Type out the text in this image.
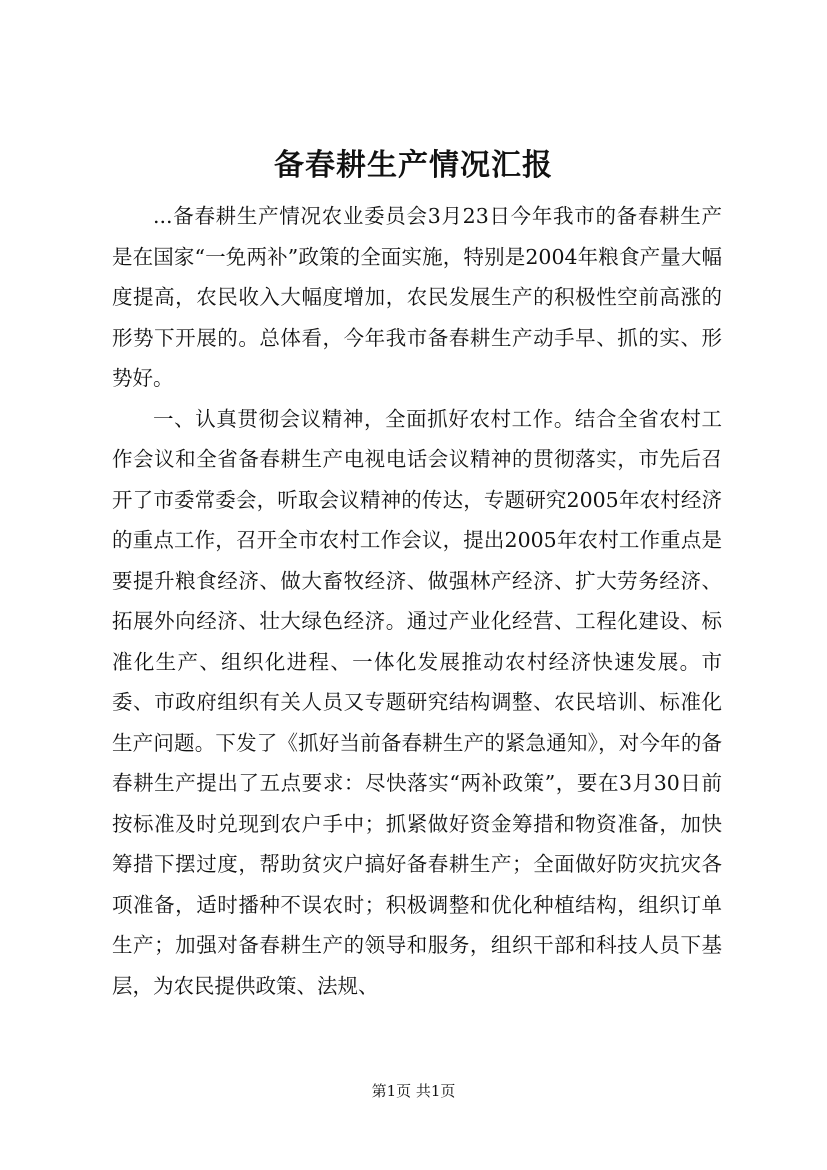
备春耕生产情况汇报

...备春耕生产情况农业委员会3月23日今年我市的备春耕生产是在国家“一免两补”政策的全面实施，特别是2004年粮食产量大幅度提高，农民收入大幅度增加，农民发展生产的积极性空前高涨的形势下开展的。总体看，今年我市备春耕生产动手早、抓的实、形势好。

一、认真贯彻会议精神，全面抓好农村工作。结合全省农村工作会议和全省备春耕生产电视电话会议精神的贯彻落实，市先后召开了市委常委会，听取会议精神的传达，专题研究2005年农村经济的重点工作，召开全市农村工作会议，提出2005年农村工作重点是要提升粮食经济、做大畜牧经济、做强林产经济、扩大劳务经济、拓展外向经济、壮大绿色经济。通过产业化经营、工程化建设、标准化生产、组织化进程、一体化发展推动农村经济快速发展。市委、市政府组织有关人员又专题研究结构调整、农民培训、标准化生产问题。下发了《抓好当前备春耕生产的紧急通知》，对今年的备春耕生产提出了五点要求：尽快落实“两补政策”，要在3月30日前按标准及时兑现到农户手中；抓紧做好资金筹措和物资准备，加快筹措下摆过度，帮助贫灾户搞好备春耕生产；全面做好防灾抗灾各项准备，适时播种不误农时；积极调整和优化种植结构，组织订单生产；加强对备春耕生产的领导和服务，组织干部和科技人员下基层，为农民提供政策、法规、

第1页 共1页
